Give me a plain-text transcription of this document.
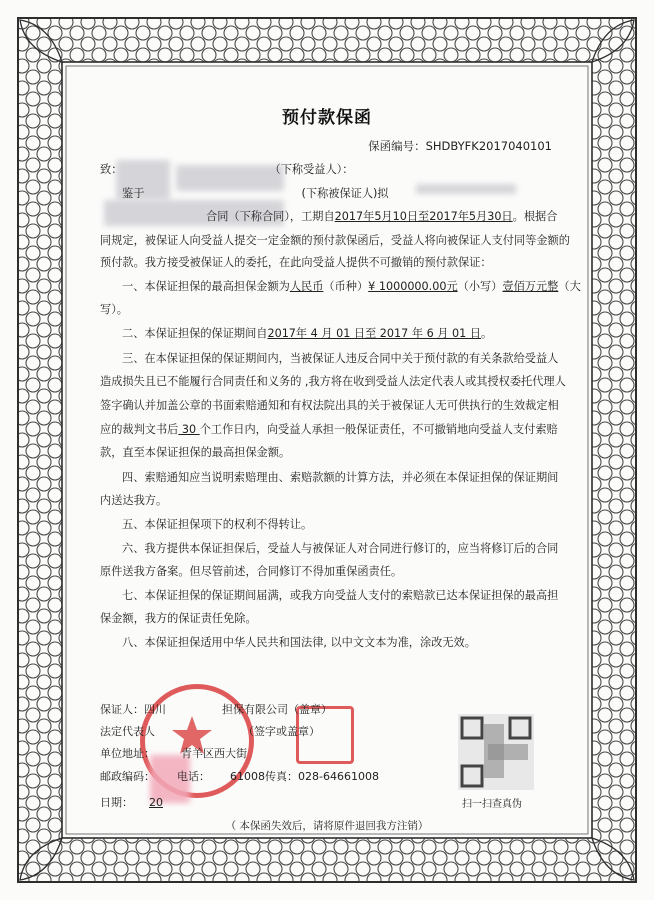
预付款保函
保函编号：SHDBYFK2017040101
致：	（下称受益人）：
鉴于	(下称被保证人)拟
合同（下称合同），工期自2017年5月10日至2017年5月30日。根据合
同规定，被保证人向受益人提交一定金额的预付款保函后，受益人将向被保证人支付同等金额的
预付款。我方接受被保证人的委托，在此向受益人提供不可撤销的预付款保证：
一、本保证担保的最高担保金额为人民币（币种）¥ 1000000.00元（小写）壹佰万元整（大
写）。
二、本保证担保的保证期间自2017年 4 月 01 日至 2017 年 6 月 01 日。
三、在本保证担保的保证期间内，当被保证人违反合同中关于预付款的有关条款给受益人
造成损失且已不能履行合同责任和义务的 ,我方将在收到受益人法定代表人或其授权委托代理人
签字确认并加盖公章的书面索赔通知和有权法院出具的关于被保证人无可供执行的生效裁定相
应的裁判文书后 30 个工作日内，向受益人承担一般保证责任，不可撤销地向受益人支付索赔
款，直至本保证担保的最高担保金额。
四、索赔通知应当说明索赔理由、索赔款额的计算方法，并必须在本保证担保的保证期间
内送达我方。
五、本保证担保项下的权利不得转让。
六、我方提供本保证担保后，受益人与被保证人对合同进行修订的，应当将修订后的合同
原件送我方备案。但尽管前述，合同修订不得加重保函责任。
七、本保证担保的保证期间届满，或我方向受益人支付的索赔款已达本保证担保的最高担
保金额，我方的保证责任免除。
八、本保证担保适用中华人民共和国法律, 以中文文本为准，涂改无效。
保证人：四川	担保有限公司（盖章）
法定代表人	（签字或盖章）
单位地址： 青羊区西大街
邮政编码： 电话： 61008传真：028-64661008
日期： 20	扫一扫查真伪
（ 本保函失效后，请将原件退回我方注销）
